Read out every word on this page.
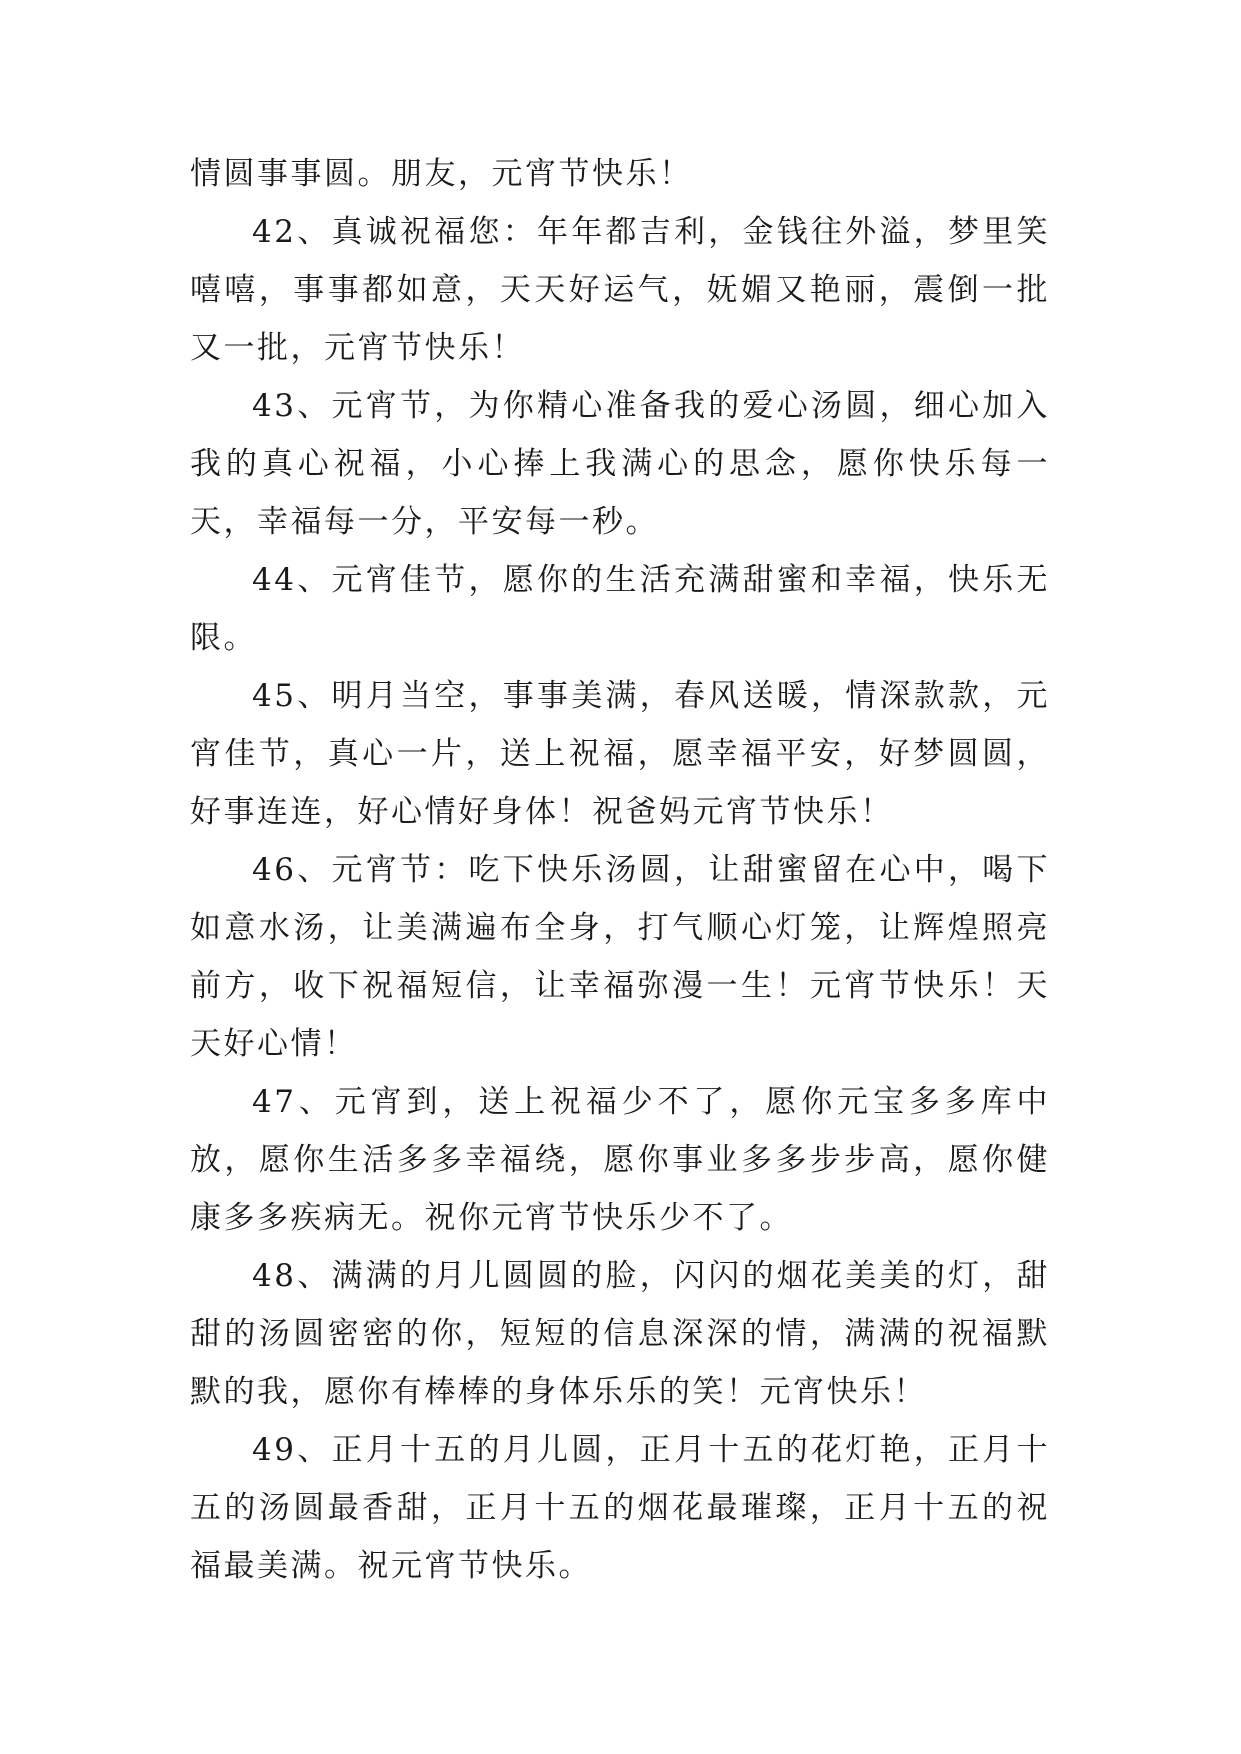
情圆事事圆。朋友，元宵节快乐！

42、真诚祝福您：年年都吉利，金钱往外溢，梦里笑嘻嘻，事事都如意，天天好运气，妩媚又艳丽，震倒一批又一批，元宵节快乐！

43、元宵节，为你精心准备我的爱心汤圆，细心加入我的真心祝福，小心捧上我满心的思念，愿你快乐每一天，幸福每一分，平安每一秒。

44、元宵佳节，愿你的生活充满甜蜜和幸福，快乐无限。

45、明月当空，事事美满，春风送暖，情深款款，元宵佳节，真心一片，送上祝福，愿幸福平安，好梦圆圆，好事连连，好心情好身体！祝爸妈元宵节快乐！

46、元宵节：吃下快乐汤圆，让甜蜜留在心中，喝下如意水汤，让美满遍布全身，打气顺心灯笼，让辉煌照亮前方，收下祝福短信，让幸福弥漫一生！元宵节快乐！天天好心情！

47、元宵到，送上祝福少不了，愿你元宝多多库中放，愿你生活多多幸福绕，愿你事业多多步步高，愿你健康多多疾病无。祝你元宵节快乐少不了。

48、满满的月儿圆圆的脸，闪闪的烟花美美的灯，甜甜的汤圆密密的你，短短的信息深深的情，满满的祝福默默的我，愿你有棒棒的身体乐乐的笑！元宵快乐！

49、正月十五的月儿圆，正月十五的花灯艳，正月十五的汤圆最香甜，正月十五的烟花最璀璨，正月十五的祝福最美满。祝元宵节快乐。
